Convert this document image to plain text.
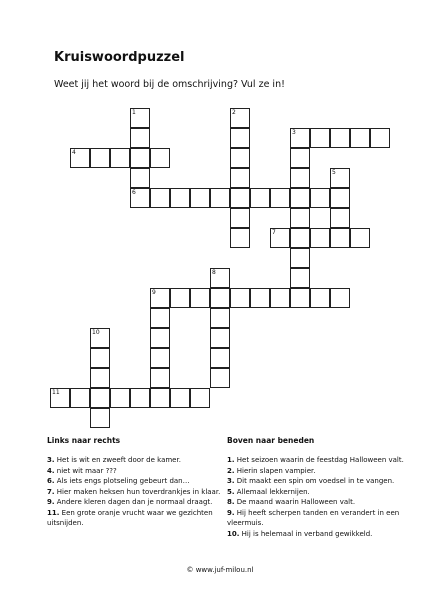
Kruiswoordpuzzel
Weet jij het woord bij de omschrijving? Vul ze in!
1
6
2
3
4
5
7
8
9
10
11
Links naar rechts
3. Het is wit en zweeft door de kamer.
4. niet wit maar ???
6. Als iets engs plotseling gebeurt dan…
7. Hier maken heksen hun toverdrankjes in klaar.
9. Andere kleren dagen dan je normaal draagt.
11. Een grote oranje vrucht waar we gezichten uitsnijden.
Boven naar beneden
1. Het seizoen waarin de feestdag Halloween valt.
2. Hierin slapen vampier.
3. Dit maakt een spin om voedsel in te vangen.
5. Allemaal lekkernijen.
8. De maand waarin Halloween valt.
9. Hij heeft scherpen tanden en verandert in een vleermuis.
10. Hij is helemaal in verband gewikkeld.
© www.juf-milou.nl
